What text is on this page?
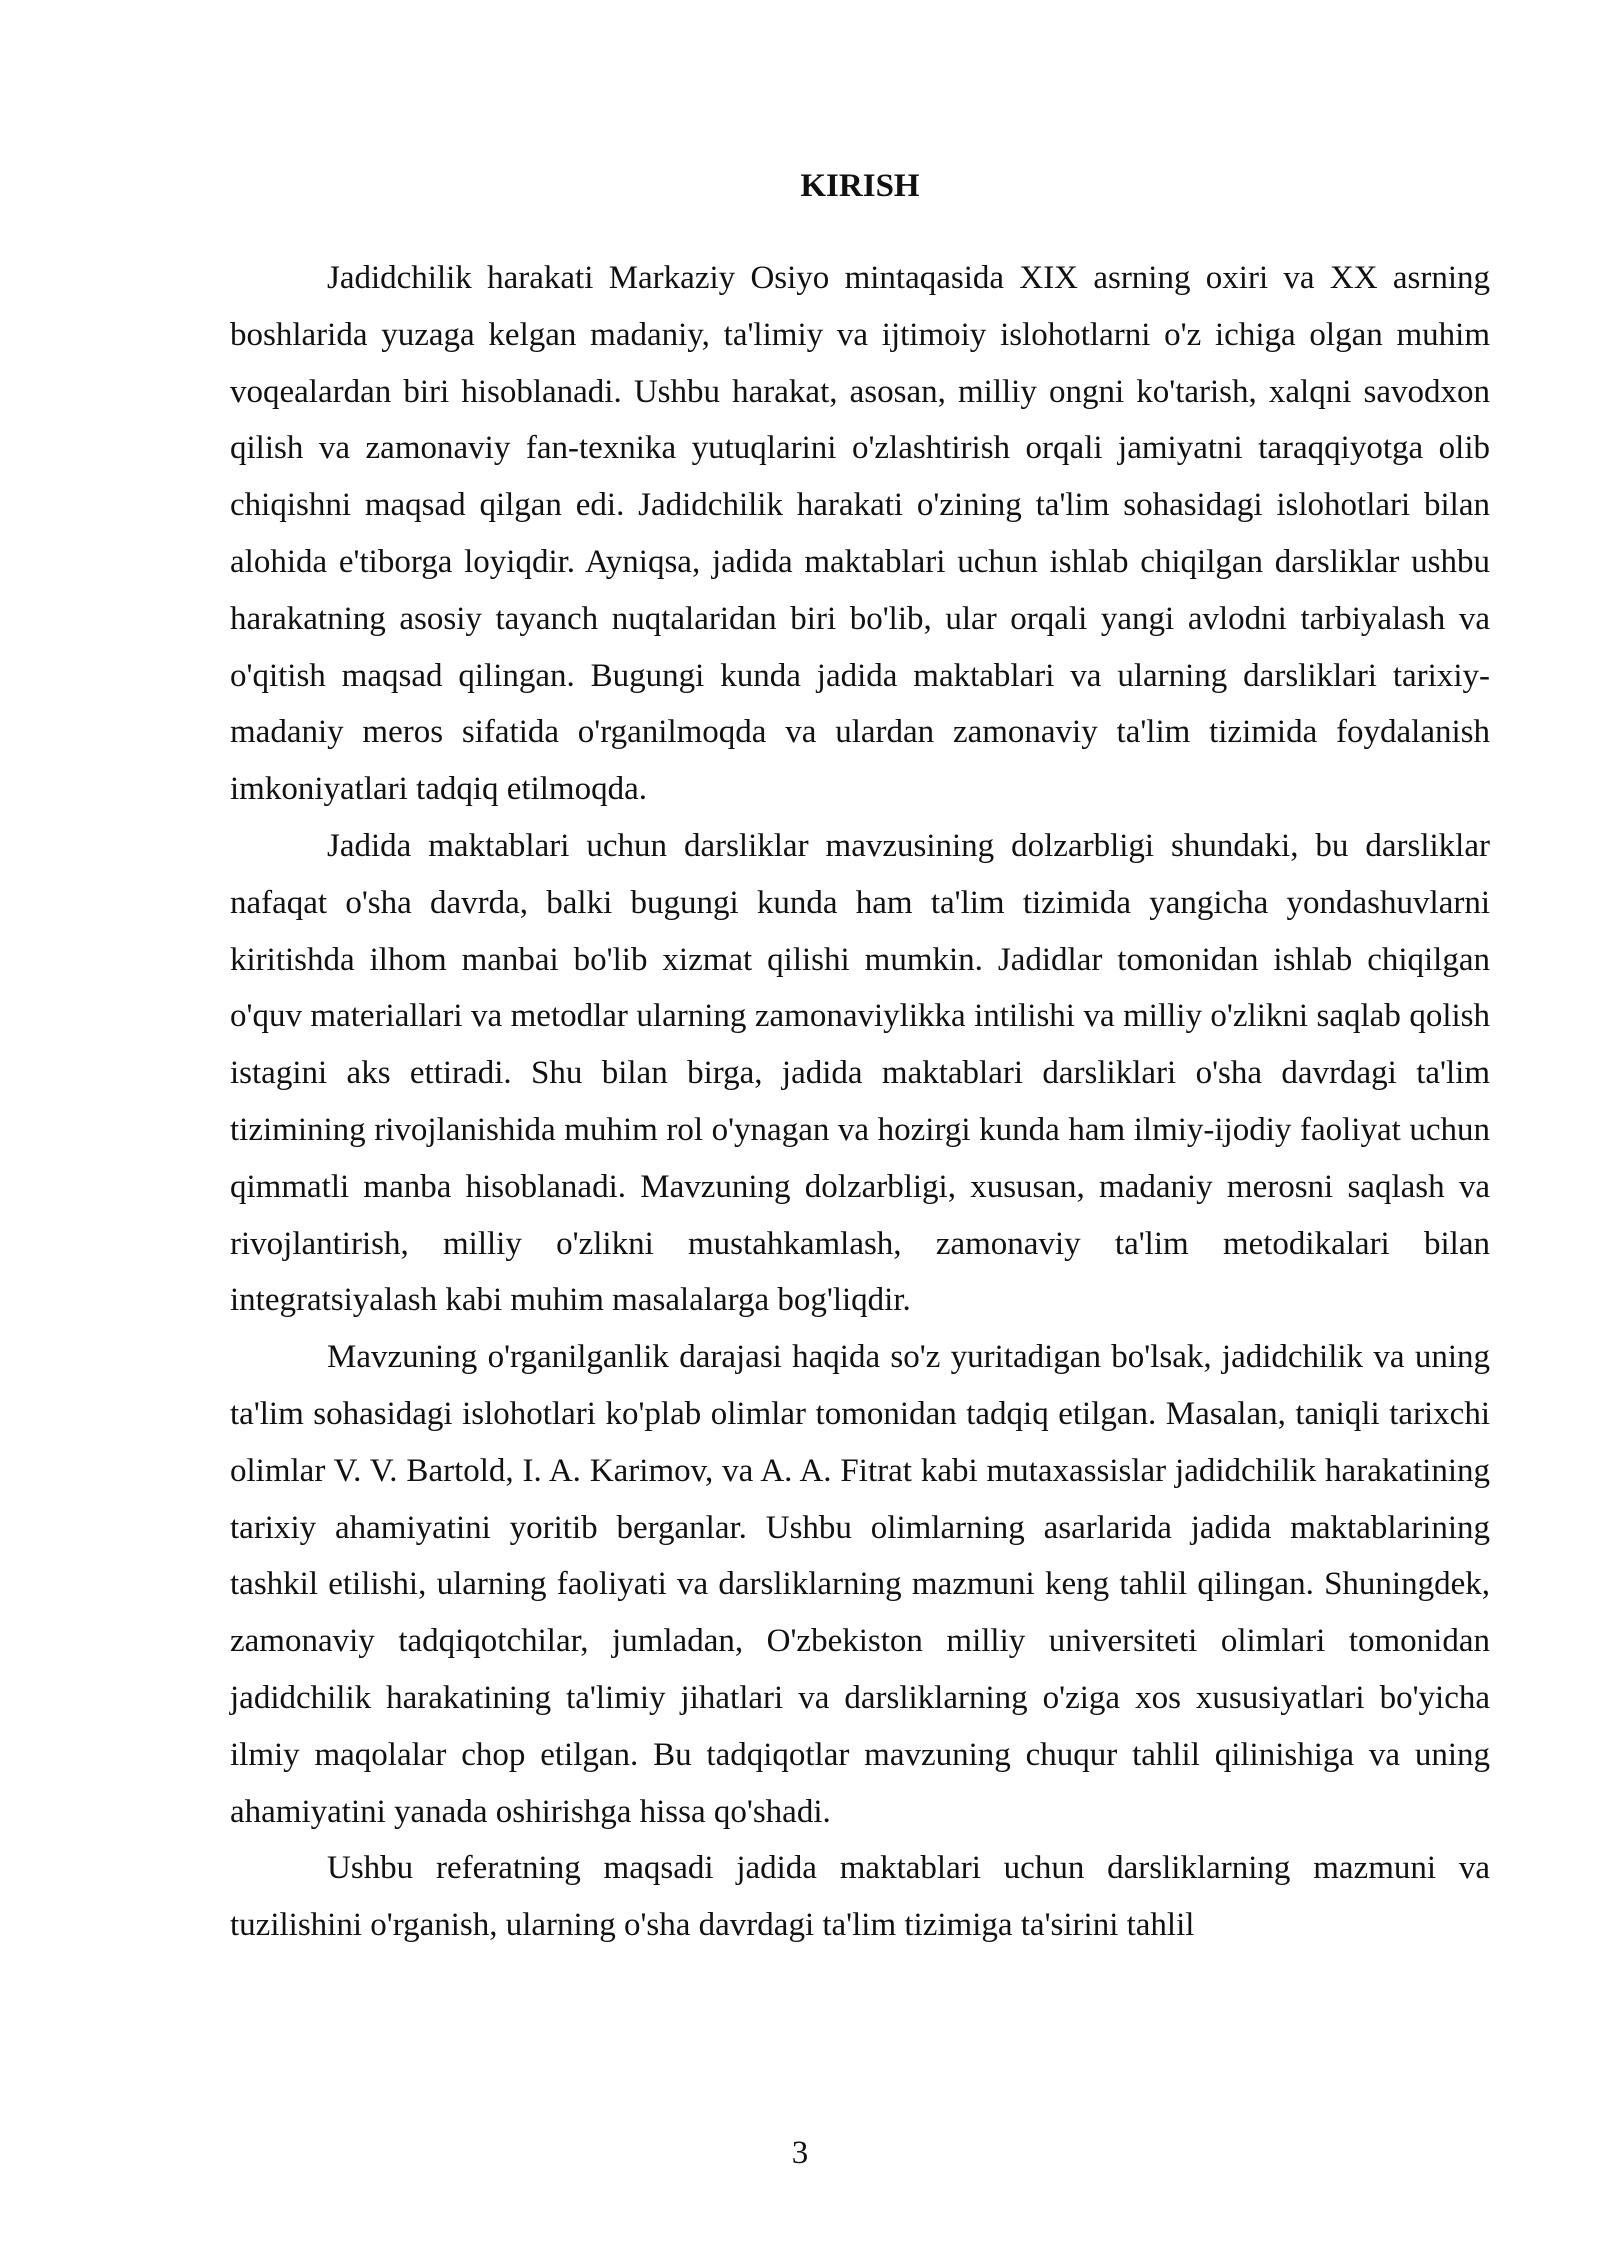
KIRISH

Jadidchilik harakati Markaziy Osiyo mintaqasida XIX asrning oxiri va XX asrning boshlarida yuzaga kelgan madaniy, ta'limiy va ijtimoiy islohotlarni o'z ichiga olgan muhim voqealardan biri hisoblanadi. Ushbu harakat, asosan, milliy ongni ko'tarish, xalqni savodxon qilish va zamonaviy fan-texnika yutuqlarini o'zlashtirish orqali jamiyatni taraqqiyotga olib chiqishni maqsad qilgan edi. Jadidchilik harakati o'zining ta'lim sohasidagi islohotlari bilan alohida e'tiborga loyiqdir. Ayniqsa, jadida maktablari uchun ishlab chiqilgan darsliklar ushbu harakatning asosiy tayanch nuqtalaridan biri bo'lib, ular orqali yangi avlodni tarbiyalash va o'qitish maqsad qilingan. Bugungi kunda jadida maktablari va ularning darsliklari tarixiy-madaniy meros sifatida o'rganilmoqda va ulardan zamonaviy ta'lim tizimida foydalanish imkoniyatlari tadqiq etilmoqda.

Jadida maktablari uchun darsliklar mavzusining dolzarbligi shundaki, bu darsliklar nafaqat o'sha davrda, balki bugungi kunda ham ta'lim tizimida yangicha yondashuvlarni kiritishda ilhom manbai bo'lib xizmat qilishi mumkin. Jadidlar tomonidan ishlab chiqilgan o'quv materiallari va metodlar ularning zamonaviylikka intilishi va milliy o'zlikni saqlab qolish istagini aks ettiradi. Shu bilan birga, jadida maktablari darsliklari o'sha davrdagi ta'lim tizimining rivojlanishida muhim rol o'ynagan va hozirgi kunda ham ilmiy-ijodiy faoliyat uchun qimmatli manba hisoblanadi. Mavzuning dolzarbligi, xususan, madaniy merosni saqlash va rivojlantirish, milliy o'zlikni mustahkamlash, zamonaviy ta'lim metodikalari bilan integratsiyalash kabi muhim masalalarga bog'liqdir.

Mavzuning o'rganilganlik darajasi haqida so'z yuritadigan bo'lsak, jadidchilik va uning ta'lim sohasidagi islohotlari ko'plab olimlar tomonidan tadqiq etilgan. Masalan, taniqli tarixchi olimlar V. V. Bartold, I. A. Karimov, va A. A. Fitrat kabi mutaxassislar jadidchilik harakatining tarixiy ahamiyatini yoritib berganlar. Ushbu olimlarning asarlarida jadida maktablarining tashkil etilishi, ularning faoliyati va darsliklarning mazmuni keng tahlil qilingan. Shuningdek, zamonaviy tadqiqotchilar, jumladan, O'zbekiston milliy universiteti olimlari tomonidan jadidchilik harakatining ta'limiy jihatlari va darsliklarning o'ziga xos xususiyatlari bo'yicha ilmiy maqolalar chop etilgan. Bu tadqiqotlar mavzuning chuqur tahlil qilinishiga va uning ahamiyatini yanada oshirishga hissa qo'shadi.

Ushbu referatning maqsadi jadida maktablari uchun darsliklarning mazmuni va tuzilishini o'rganish, ularning o'sha davrdagi ta'lim tizimiga ta'sirini tahlil

3
